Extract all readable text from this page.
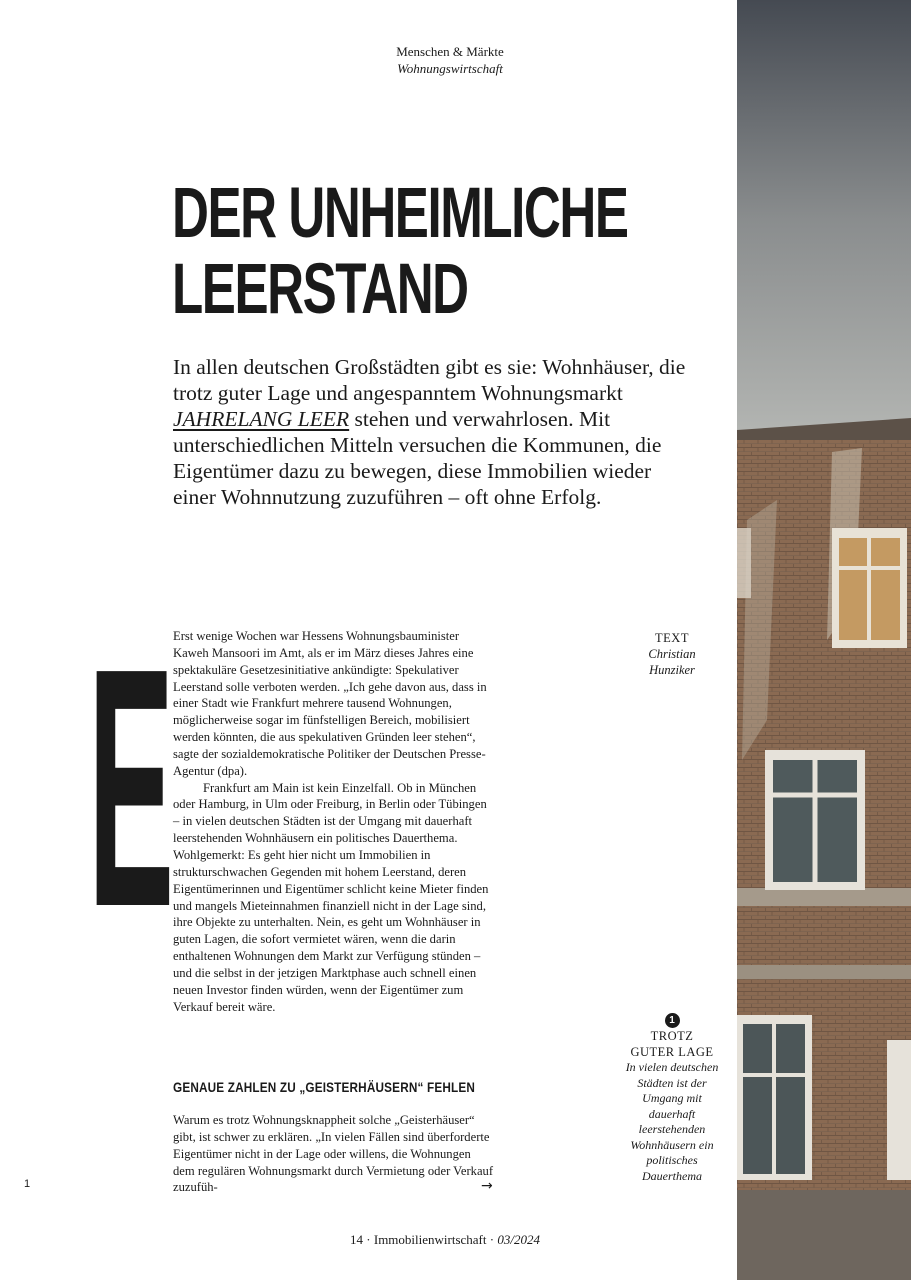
Menschen & Märkte
Wohnungswirtschaft
DER UNHEIMLICHE
LEERSTAND
In allen deutschen Großstädten gibt es sie: Wohnhäuser, die trotz guter Lage und angespanntem Wohnungsmarkt JAHRELANG LEER stehen und verwahrlosen. Mit unterschiedlichen Mitteln versuchen die Kommunen, die Eigentümer dazu zu bewegen, diese Immobilien wieder einer Wohnnutzung zuzuführen – oft ohne Erfolg.
E

Erst wenige Wochen war Hessens Wohnungsbauminister Kaweh Mansoori im Amt, als er im März dieses Jahres eine spektakuläre Gesetzesinitiative ankündigte: Spekulativer Leerstand solle verboten werden. „Ich gehe davon aus, dass in einer Stadt wie Frankfurt mehrere tausend Wohnungen, möglicherweise sogar im fünfstelligen Bereich, mobilisiert werden könnten, die aus spekulativen Gründen leer stehen“, sagte der sozialdemokratische Politiker der Deutschen Presse-Agentur (dpa).

Frankfurt am Main ist kein Einzelfall. Ob in München oder Hamburg, in Ulm oder Freiburg, in Berlin oder Tübingen – in vielen deutschen Städten ist der Umgang mit dauerhaft leerstehenden Wohnhäusern ein politisches Dauerthema. Wohlgemerkt: Es geht hier nicht um Immobilien in strukturschwachen Gegenden mit hohem Leerstand, deren Eigentümerinnen und Eigentümer schlicht keine Mieter finden und mangels Mieteinnahmen finanziell nicht in der Lage sind, ihre Objekte zu unterhalten. Nein, es geht um Wohnhäuser in guten Lagen, die sofort vermietet wären, wenn die darin enthaltenen Wohnungen dem Markt zur Verfügung stünden – und die selbst in der jetzigen Marktphase auch schnell einen neuen Investor finden würden, wenn der Eigentümer zum Verkauf bereit wäre.

GENAUE ZAHLEN ZU „GEISTERHÄUSERN“ FEHLEN
Warum es trotz Wohnungsknappheit solche „Geisterhäuser“ gibt, ist schwer zu erklären. „In vielen Fällen sind überforderte Eigentümer nicht in der Lage oder willens, die Wohnungen dem regulären Wohnungsmarkt durch Vermietung oder Verkauf zuzufüh-	→
TEXT
Christian
Hunziker
1
TROTZ
GUTER LAGE
In vielen deutschen Städten ist der Umgang mit dauerhaft leerstehenden Wohnhäusern ein politisches Dauerthema
1
14 · Immobilienwirtschaft · 03/2024
